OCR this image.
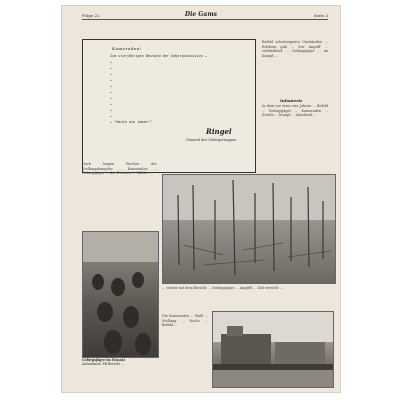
Folge 22	Die Gams	Seite 3
Kameraden!
Zum vierjährigen Bestand der Gebirgsdivision …
…
…
…
…
…
…
…
…
…
…
… "Heute wie immer!"
Ringel
General der Gebirgstruppen
Befehl schwierigsten Umständen … Erlebnis gab … Der Angriff … verbleibend … Gebirgsjäger … im Kampf …
Infanterie
In dem vor etwa vier Jahren … Befehl … Gebirgsjäger … Kameraden … Straße … Kampf … Abschnitt …
Nach langen Wochen des Stellungskampfes … Kameraden … Gebirgsjäger … der Division … Wälder …
Gebirgsjäger im Einsatz
Aufnahmen: PK-Bericht …
… weiter mit dem Bericht … Gebirgsjäger … Angriff … Ziel erreicht …
Die Kameraden … Wald … Stellung … Nacht … Befehl …
